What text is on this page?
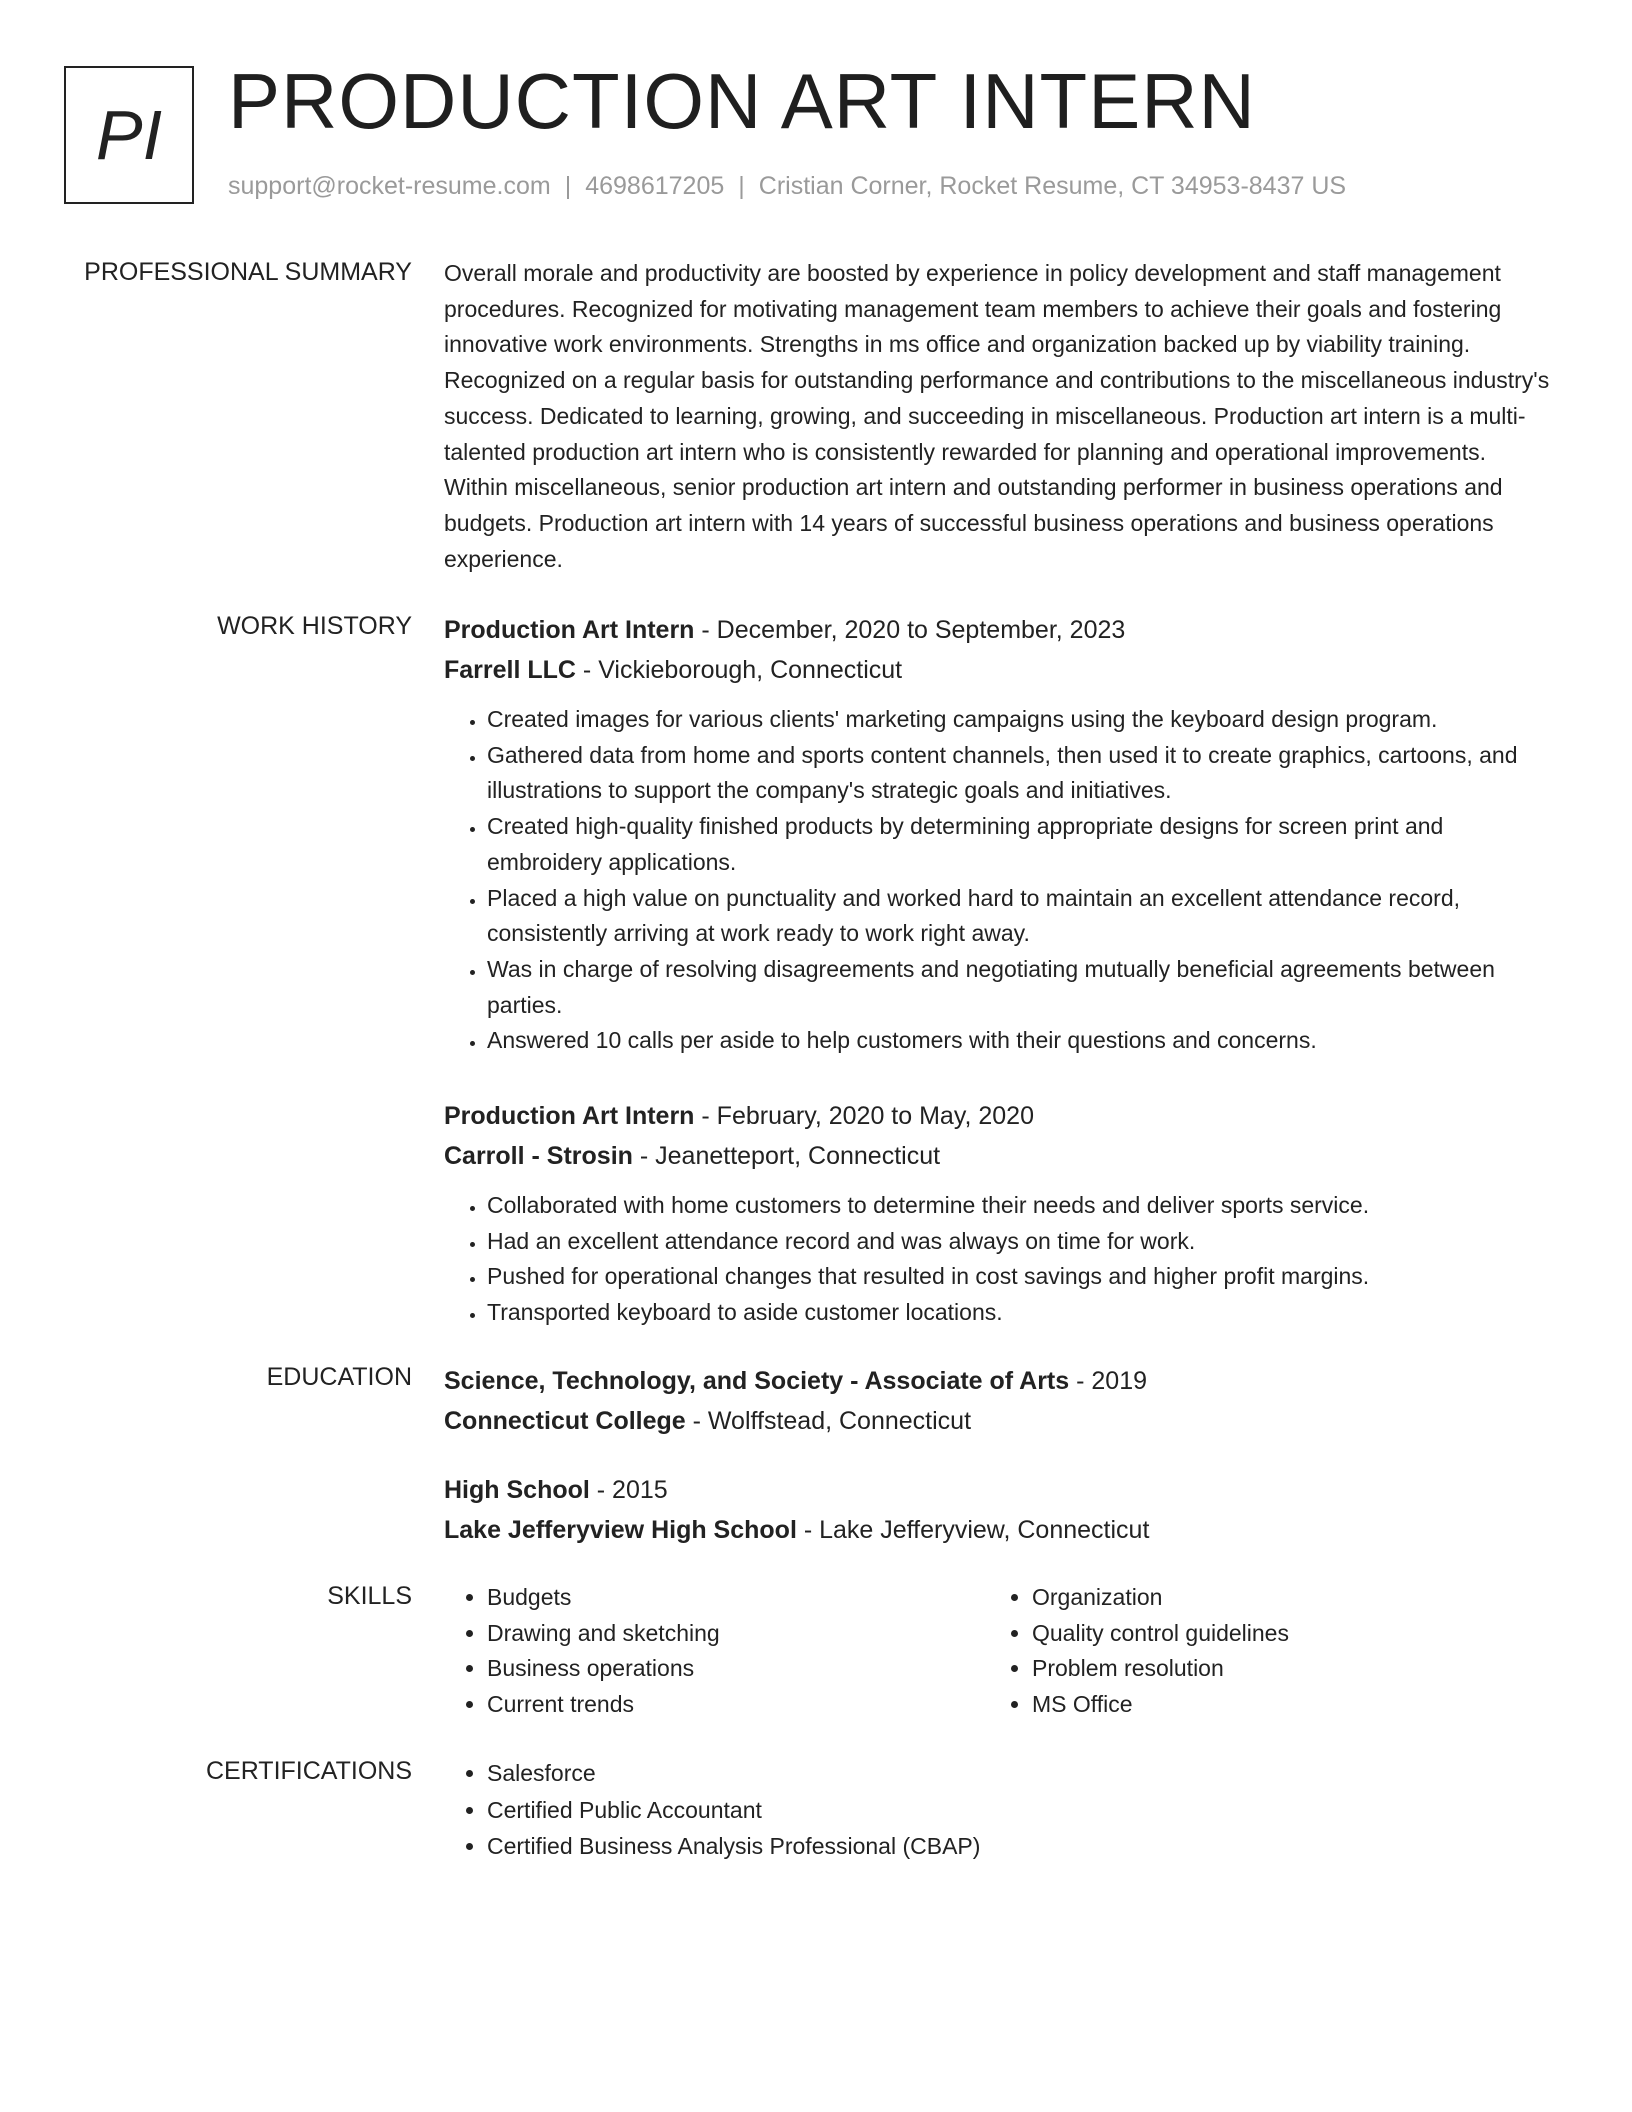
PI PRODUCTION ART INTERN
support@rocket-resume.com | 4698617205 | Cristian Corner, Rocket Resume, CT 34953-8437 US
PROFESSIONAL SUMMARY Overall morale and productivity are boosted by experience in policy development and staff management procedures. Recognized for motivating management team members to achieve their goals and fostering innovative work environments. Strengths in ms office and organization backed up by viability training. Recognized on a regular basis for outstanding performance and contributions to the miscellaneous industry's success. Dedicated to learning, growing, and succeeding in miscellaneous. Production art intern is a multi-talented production art intern who is consistently rewarded for planning and operational improvements. Within miscellaneous, senior production art intern and outstanding performer in business operations and budgets. Production art intern with 14 years of successful business operations and business operations experience.

WORK HISTORY Production Art Intern - December, 2020 to September, 2023
Farrell LLC - Vickieborough, Connecticut
• Created images for various clients' marketing campaigns using the keyboard design program.
• Gathered data from home and sports content channels, then used it to create graphics, cartoons, and illustrations to support the company's strategic goals and initiatives.
• Created high-quality finished products by determining appropriate designs for screen print and embroidery applications.
• Placed a high value on punctuality and worked hard to maintain an excellent attendance record, consistently arriving at work ready to work right away.
• Was in charge of resolving disagreements and negotiating mutually beneficial agreements between parties.
• Answered 10 calls per aside to help customers with their questions and concerns.
Production Art Intern - February, 2020 to May, 2020
Carroll - Strosin - Jeanetteport, Connecticut
• Collaborated with home customers to determine their needs and deliver sports service.
• Had an excellent attendance record and was always on time for work.
• Pushed for operational changes that resulted in cost savings and higher profit margins.
• Transported keyboard to aside customer locations.
EDUCATION Science, Technology, and Society - Associate of Arts - 2019
Connecticut College - Wolffstead, Connecticut
High School - 2015
Lake Jefferyview High School - Lake Jefferyview, Connecticut
SKILLS	• Budgets
• Drawing and sketching
• Business operations
• Current trends
• Organization
• Quality control guidelines
• Problem resolution
• MS Office
CERTIFICATIONS	• Salesforce
• Certified Public Accountant
• Certified Business Analysis Professional (CBAP)
